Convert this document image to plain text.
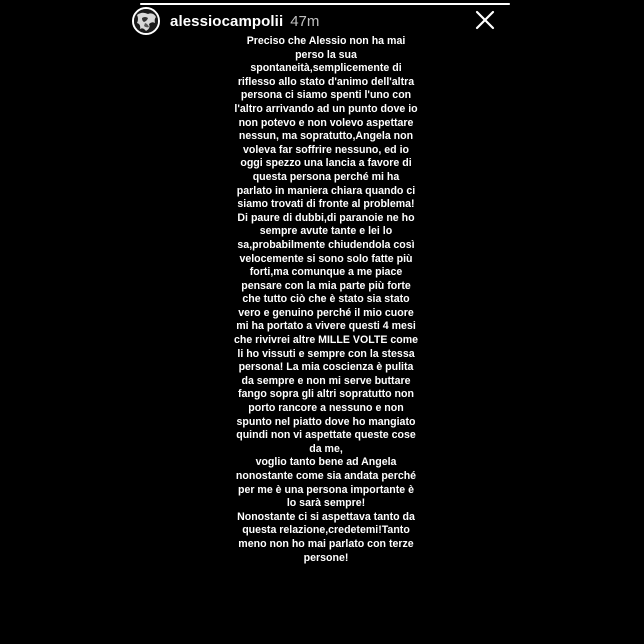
alessiocampolii 47m

Preciso che Alessio non ha mai
perso la sua
spontaneità,semplicemente di
riflesso allo stato d'animo dell'altra
persona ci siamo spenti l'uno con
l'altro arrivando ad un punto dove io
non potevo e non volevo aspettare
nessun, ma sopratutto,Angela non
voleva far soffrire nessuno, ed io
oggi spezzo una lancia a favore di
questa persona perché mi ha
parlato in maniera chiara quando ci
siamo trovati di fronte al problema!
Di paure di dubbi,di paranoie ne ho
sempre avute tante e lei lo
sa,probabilmente chiudendola così
velocemente si sono solo fatte più
forti,ma comunque a me piace
pensare con la mia parte più forte
che tutto ciò che è stato sia stato
vero e genuino perché il mio cuore
mi ha portato a vivere questi 4 mesi
che rivivrei altre MILLE VOLTE come
li ho vissuti e sempre con la stessa
persona! La mia coscienza è pulita
da sempre e non mi serve buttare
fango sopra gli altri sopratutto non
porto rancore a nessuno e non
spunto nel piatto dove ho mangiato
quindi non vi aspettate queste cose
da me,
voglio tanto bene ad Angela
nonostante come sia andata perché
per me è una persona importante è
lo sarà sempre!
Nonostante ci si aspettava tanto da
questa relazione,credetemi!Tanto
meno non ho mai parlato con terze
persone!
